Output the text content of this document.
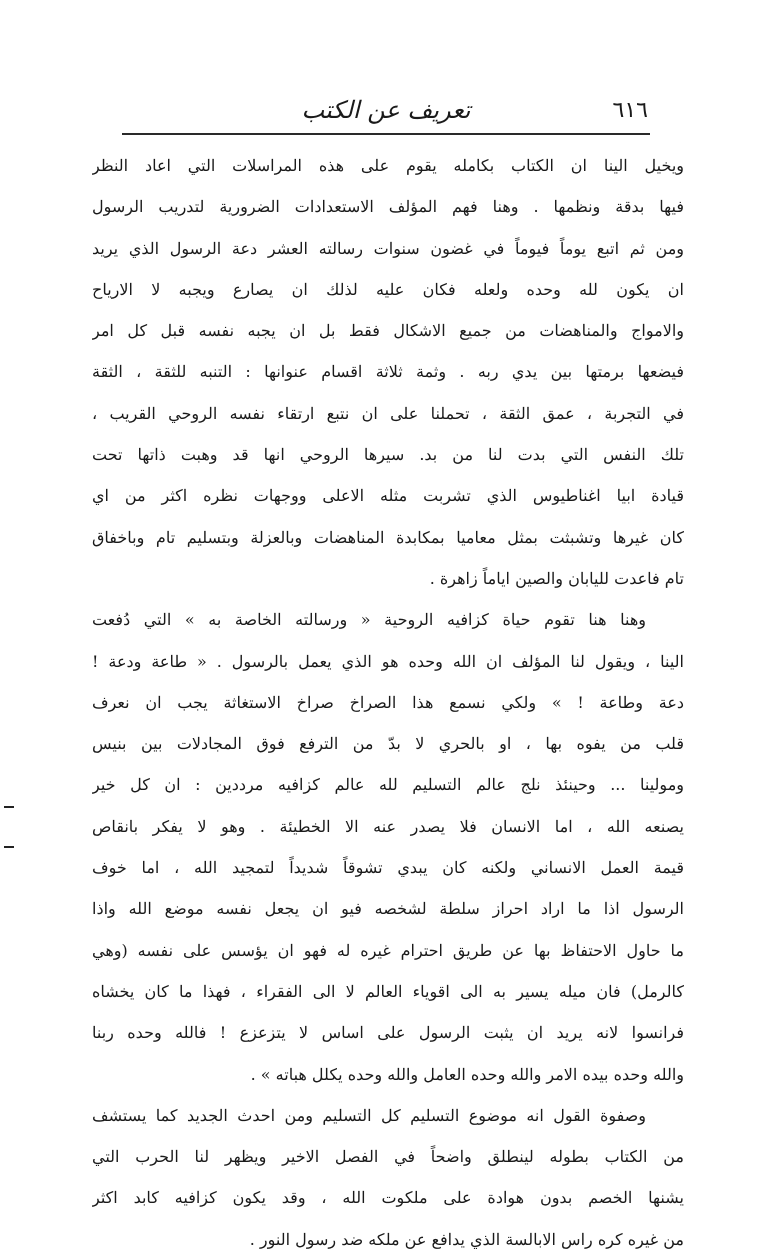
٦١٦
تعريف عن الكتب
ويخيل الينا ان الكتاب بكامله يقوم على هذه المراسلات التي اعاد النظر
فيها بدقة ونظمها . وهنا فهم المؤلف الاستعدادات الضرورية لتدريب الرسول
ومن ثم اتبع يوماً فيوماً في غضون سنوات رسالته العشر دعة الرسول الذي يريد
ان يكون لله وحده ولعله فكان عليه لذلك ان يصارع ويجبه لا الارياح
والامواج والمناهضات من جميع الاشكال فقط بل ان يجبه نفسه قبل كل امر
فيضعها برمتها بين يدي ربه . وثمة ثلاثة اقسام عنوانها : التنبه للثقة ، الثقة
في التجربة ، عمق الثقة ، تحملنا على ان نتبع ارتقاء نفسه الروحي القريب ،
تلك النفس التي بدت لنا من بد. سيرها الروحي انها قد وهبت ذاتها تحت
قيادة ابيا اغناطيوس الذي تشربت مثله الاعلى ووجهات نظره اكثر من اي
كان غيرها وتشبثت بمثل معاميا بمكابدة المناهضات وبالعزلة وبتسليم تام وباخفاق
تام فاعدت لليابان والصين اياماً زاهرة .
وهنا هنا تقوم حياة كزافيه الروحية « ورسالته الخاصة به » التي دُفعت
الينا ، ويقول لنا المؤلف ان الله وحده هو الذي يعمل بالرسول . « طاعة ودعة !
دعة وطاعة ! » ولكي نسمع هذا الصراخ صراخ الاستغاثة يجب ان نعرف
قلب من يفوه بها ، او بالحري لا بدّ من الترفع فوق المجادلات بين بنيس
ومولينا ... وحينئذ نلج عالم التسليم لله عالم كزافيه مرددين : ان كل خير
يصنعه الله ، اما الانسان فلا يصدر عنه الا الخطيئة . وهو لا يفكر بانقاص
قيمة العمل الانساني ولكنه كان يبدي تشوقاً شديداً لتمجيد الله ، اما خوف
الرسول اذا ما اراد احراز سلطة لشخصه فيو ان يجعل نفسه موضع الله واذا
ما حاول الاحتفاظ بها عن طريق احترام غيره له فهو ان يؤسس على نفسه (وهي
كالرمل) فان ميله يسير به الى اقوياء العالم لا الى الفقراء ، فهذا ما كان يخشاه
فرانسوا لانه يريد ان يثبت الرسول على اساس لا يتزعزع ! فالله وحده ربنا
والله وحده بيده الامر والله وحده العامل والله وحده يكلل هباته » .
وصفوة القول انه موضوع التسليم كل التسليم ومن احدث الجديد كما يستشف
من الكتاب بطوله لينطلق واضحاً في الفصل الاخير ويظهر لنا الحرب التي
يشنها الخصم بدون هوادة على ملكوت الله ، وقد يكون كزافيه كابد اكثر
من غيره كره راس الابالسة الذي يدافع عن ملكه ضد رسول النور .
